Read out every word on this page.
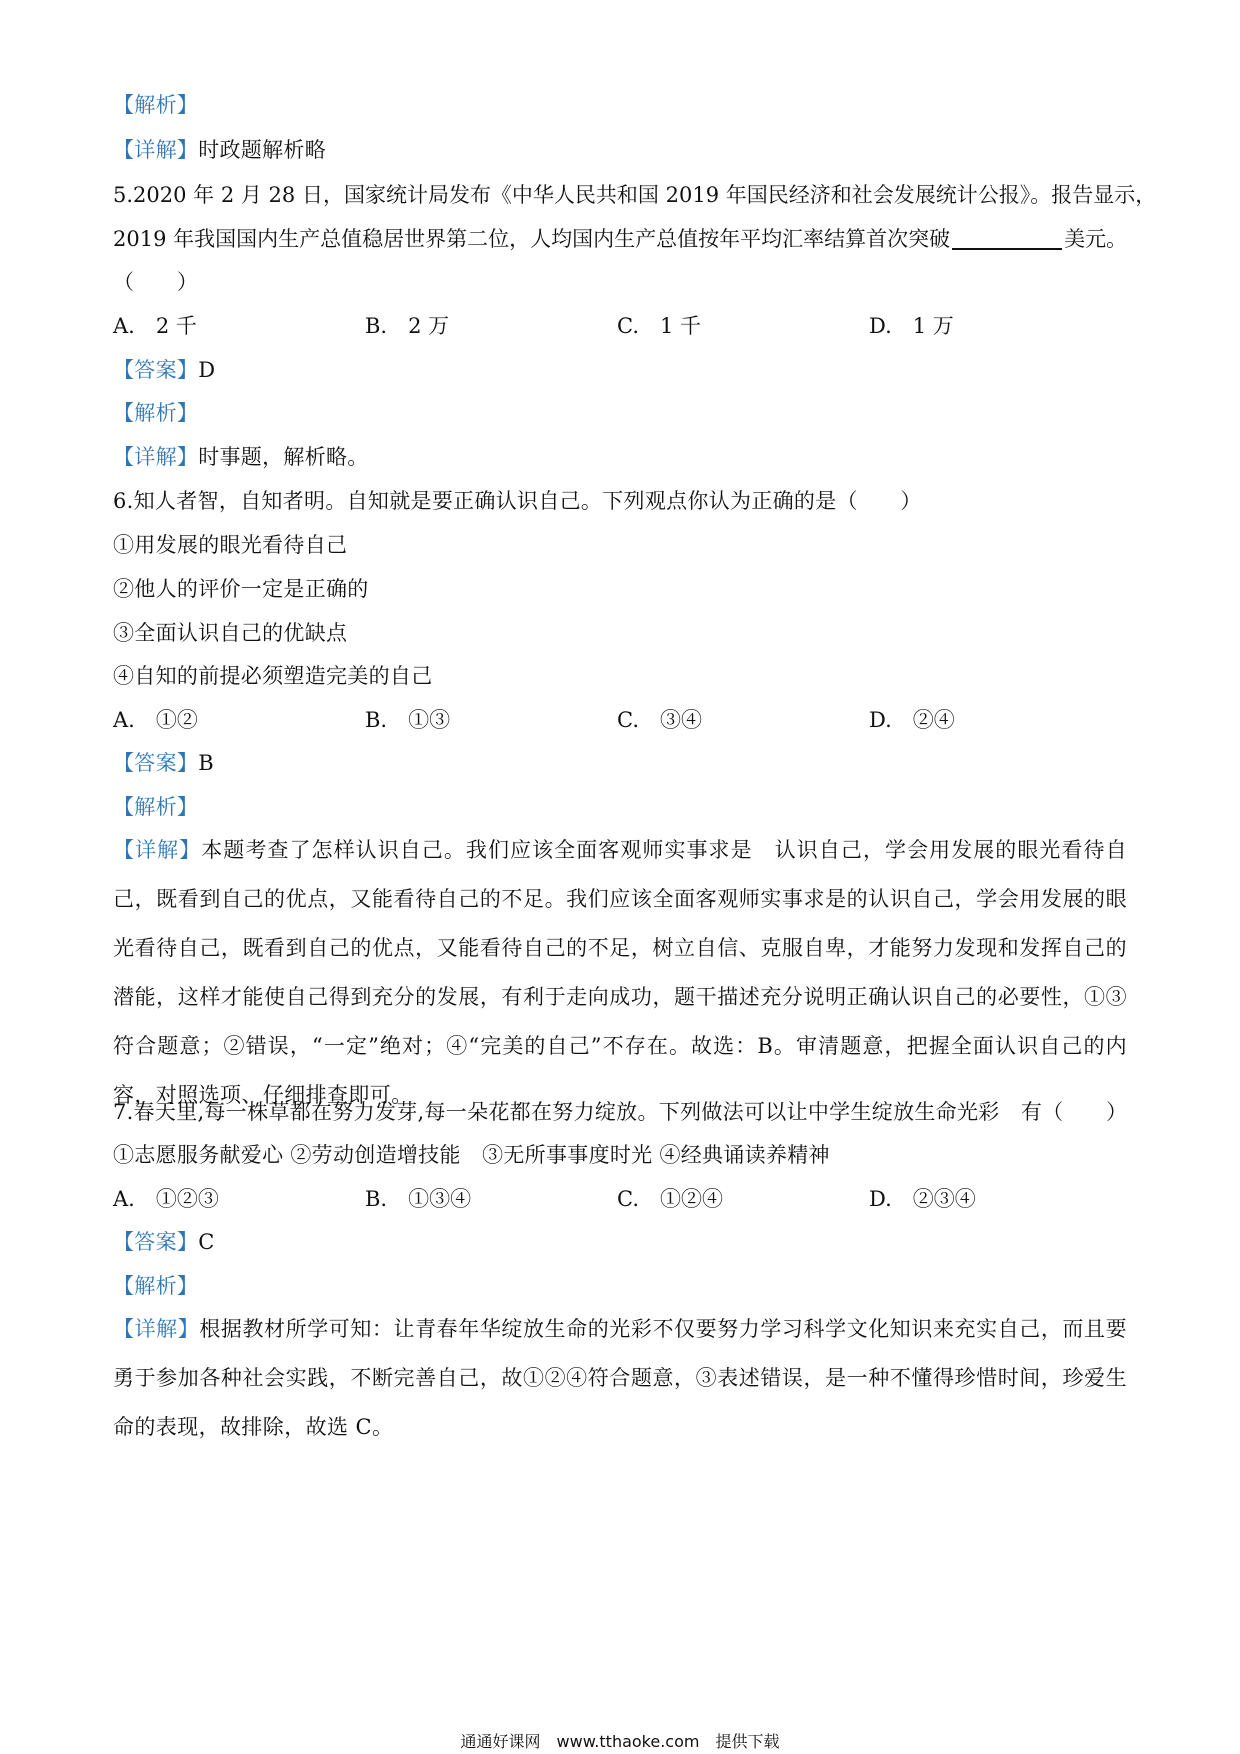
【解析】
【详解】时政题解析略
5.2020 年 2 月 28 日，国家统计局发布《中华人民共和国 2019 年国民经济和社会发展统计公报》。报告显示，
2019 年我国国内生产总值稳居世界第二位，人均国内生产总值按年平均汇率结算首次突破	美元。
（　　）
A.　2 千	B.　2 万	C.　1 千	D.　1 万
【答案】D
【解析】
【详解】时事题，解析略。
6.知人者智，自知者明。自知就是要正确认识自己。下列观点你认为正确的是（　　）
①用发展的眼光看待自己
②他人的评价一定是正确的
③全面认识自己的优缺点
④自知的前提必须塑造完美的自己
A.　①②	B.　①③	C.　③④	D.　②④
【答案】B
【解析】
【详解】本题考查了怎样认识自己。我们应该全面客观师实事求是　认识自己，学会用发展的眼光看待自己，既看到自己的优点，又能看待自己的不足。我们应该全面客观师实事求是的认识自己，学会用发展的眼光看待自己，既看到自己的优点，又能看待自己的不足，树立自信、克服自卑，才能努力发现和发挥自己的潜能，这样才能使自己得到充分的发展，有利于走向成功，题干描述充分说明正确认识自己的必要性，①③符合题意；②错误，“一定”绝对；④“完美的自己”不存在。故选：B。审清题意，把握全面认识自己的内容，对照选项、仔细排查即可。
7.春天里,每一株草都在努力发芽,每一朵花都在努力绽放。下列做法可以让中学生绽放生命光彩　有（　　）
①志愿服务献爱心 ②劳动创造增技能　③无所事事度时光 ④经典诵读养精神
A.　①②③	B.　①③④	C.　①②④	D.　②③④
【答案】C
【解析】
【详解】根据教材所学可知：让青春年华绽放生命的光彩不仅要努力学习科学文化知识来充实自己，而且要勇于参加各种社会实践，不断完善自己，故①②④符合题意，③表述错误，是一种不懂得珍惜时间，珍爱生命的表现，故排除，故选 C。
通通好课网　www.tthaoke.com　提供下载
